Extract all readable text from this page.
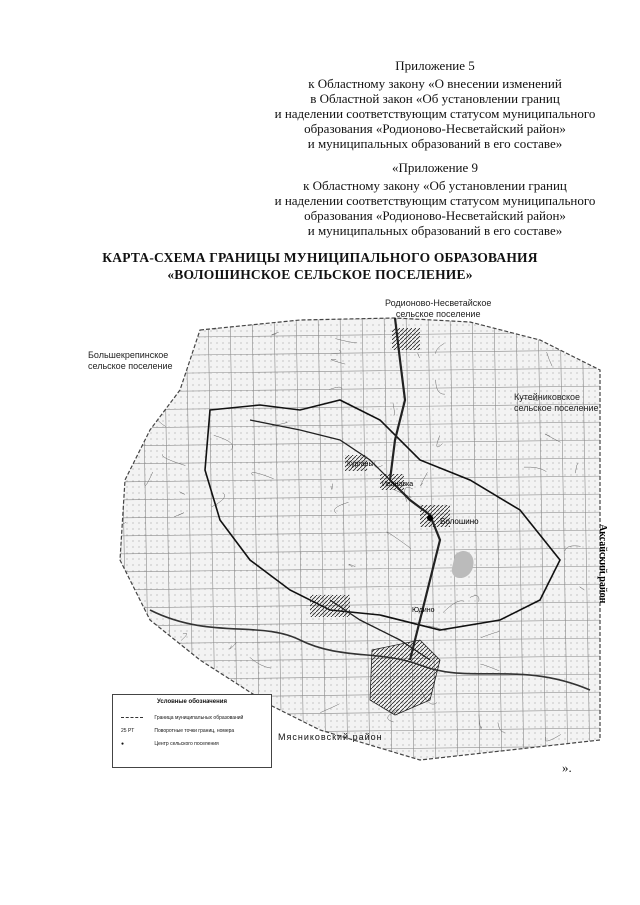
Приложение 5
к Областному закону «О внесении изменений
в Областной закон «Об установлении границ
и наделении соответствующим статусом муниципального
образования «Родионово-Несветайский район»
и муниципальных образований в его составе»
«Приложение 9
к Областному закону «Об установлении границ
и наделении соответствующим статусом муниципального
образования «Родионово-Несветайский район»
и муниципальных образований в его составе»
КАРТА-СХЕМА ГРАНИЦЫ МУНИЦИПАЛЬНОГО ОБРАЗОВАНИЯ
«ВОЛОШИНСКОЕ СЕЛЬСКОЕ ПОСЕЛЕНИЕ»
Волошино
Курганы
Ивановка
Юдино
Мясниковский район
Родионово-Несветайское
сельское поселение
Большекрепинское
сельское поселение
Кутейниковское
сельское поселение
Аксайский район
Условные обозначения
Граница муниципальных образований
25 PT	Поворотные точки границ, номера
●	Центр сельского поселения
».
